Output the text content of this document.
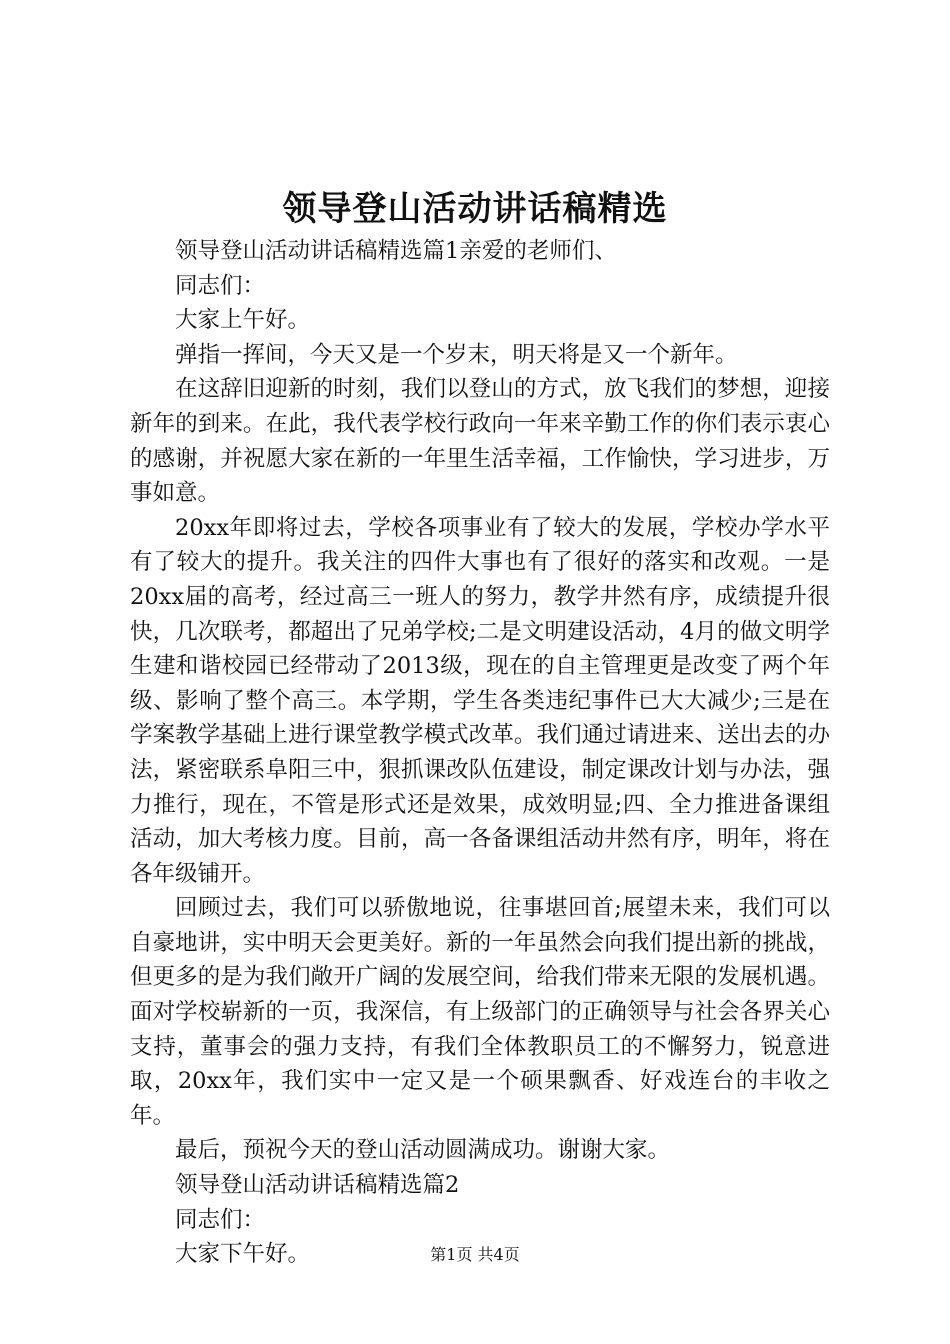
领导登山活动讲话稿精选

领导登山活动讲话稿精选篇1亲爱的老师们、

同志们：

大家上午好。

弹指一挥间，今天又是一个岁末，明天将是又一个新年。

在这辞旧迎新的时刻，我们以登山的方式，放飞我们的梦想，迎接新年的到来。在此，我代表学校行政向一年来辛勤工作的你们表示衷心的感谢，并祝愿大家在新的一年里生活幸福，工作愉快，学习进步，万事如意。

20xx年即将过去，学校各项事业有了较大的发展，学校办学水平有了较大的提升。我关注的四件大事也有了很好的落实和改观。一是20xx届的高考，经过高三一班人的努力，教学井然有序，成绩提升很快，几次联考，都超出了兄弟学校;二是文明建设活动，4月的做文明学生建和谐校园已经带动了2013级，现在的自主管理更是改变了两个年级、影响了整个高三。本学期，学生各类违纪事件已大大减少;三是在学案教学基础上进行课堂教学模式改革。我们通过请进来、送出去的办法，紧密联系阜阳三中，狠抓课改队伍建设，制定课改计划与办法，强力推行，现在，不管是形式还是效果，成效明显;四、全力推进备课组活动，加大考核力度。目前，高一各备课组活动井然有序，明年，将在各年级铺开。

回顾过去，我们可以骄傲地说，往事堪回首;展望未来，我们可以自豪地讲，实中明天会更美好。新的一年虽然会向我们提出新的挑战，但更多的是为我们敞开广阔的发展空间，给我们带来无限的发展机遇。面对学校崭新的一页，我深信，有上级部门的正确领导与社会各界关心支持，董事会的强力支持，有我们全体教职员工的不懈努力，锐意进取，20xx年，我们实中一定又是一个硕果飘香、好戏连台的丰收之年。

最后，预祝今天的登山活动圆满成功。谢谢大家。

领导登山活动讲话稿精选篇2

同志们：

大家下午好。	第1页 共4页
